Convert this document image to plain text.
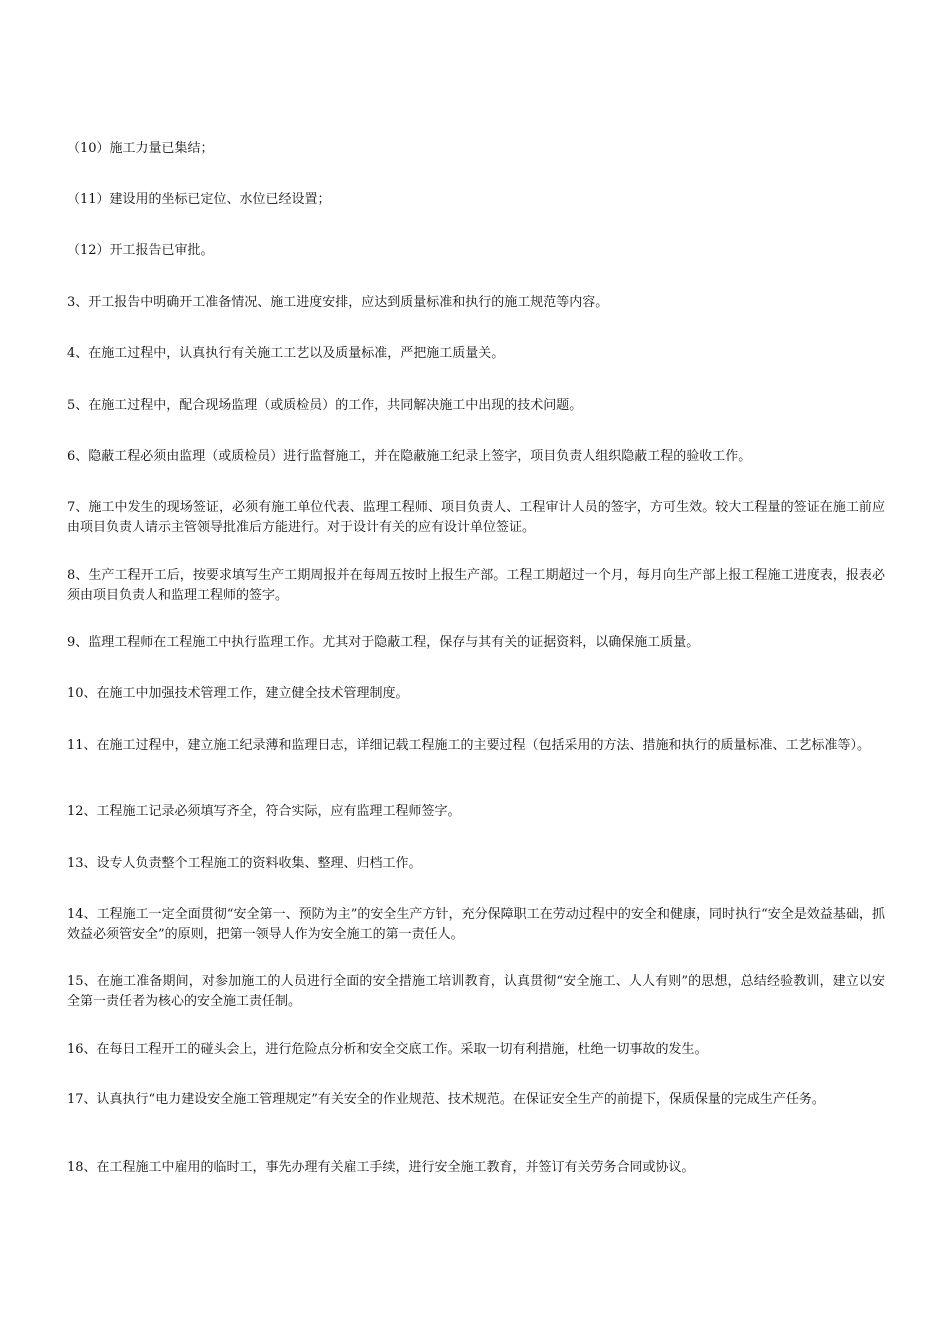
（10）施工力量已集结；

（11）建设用的坐标已定位、水位已经设置；

（12）开工报告已审批。

3、开工报告中明确开工准备情况、施工进度安排，应达到质量标准和执行的施工规范等内容。

4、在施工过程中，认真执行有关施工工艺以及质量标准，严把施工质量关。

5、在施工过程中，配合现场监理（或质检员）的工作，共同解决施工中出现的技术问题。

6、隐蔽工程必须由监理（或质检员）进行监督施工，并在隐蔽施工纪录上签字，项目负责人组织隐蔽工程的验收工作。

7、施工中发生的现场签证，必须有施工单位代表、监理工程师、项目负责人、工程审计人员的签字，方可生效。较大工程量的签证在施工前应由项目负责人请示主管领导批准后方能进行。对于设计有关的应有设计单位签证。

8、生产工程开工后，按要求填写生产工期周报并在每周五按时上报生产部。工程工期超过一个月，每月向生产部上报工程施工进度表，报表必须由项目负责人和监理工程师的签字。

9、监理工程师在工程施工中执行监理工作。尤其对于隐蔽工程，保存与其有关的证据资料，以确保施工质量。

10、在施工中加强技术管理工作，建立健全技术管理制度。

11、在施工过程中，建立施工纪录薄和监理日志，详细记载工程施工的主要过程（包括采用的方法、措施和执行的质量标准、工艺标准等）。

12、工程施工记录必须填写齐全，符合实际，应有监理工程师签字。

13、设专人负责整个工程施工的资料收集、整理、归档工作。

14、工程施工一定全面贯彻“安全第一、预防为主”的安全生产方针，充分保障职工在劳动过程中的安全和健康，同时执行“安全是效益基础，抓效益必须管安全”的原则，把第一领导人作为安全施工的第一责任人。

15、在施工准备期间，对参加施工的人员进行全面的安全措施工培训教育，认真贯彻“安全施工、人人有则”的思想，总结经验教训，建立以安全第一责任者为核心的安全施工责任制。

16、在每日工程开工的碰头会上，进行危险点分析和安全交底工作。采取一切有利措施，杜绝一切事故的发生。

17、认真执行“电力建设安全施工管理规定”有关安全的作业规范、技术规范。在保证安全生产的前提下，保质保量的完成生产任务。

18、在工程施工中雇用的临时工，事先办理有关雇工手续，进行安全施工教育，并签订有关劳务合同或协议。
